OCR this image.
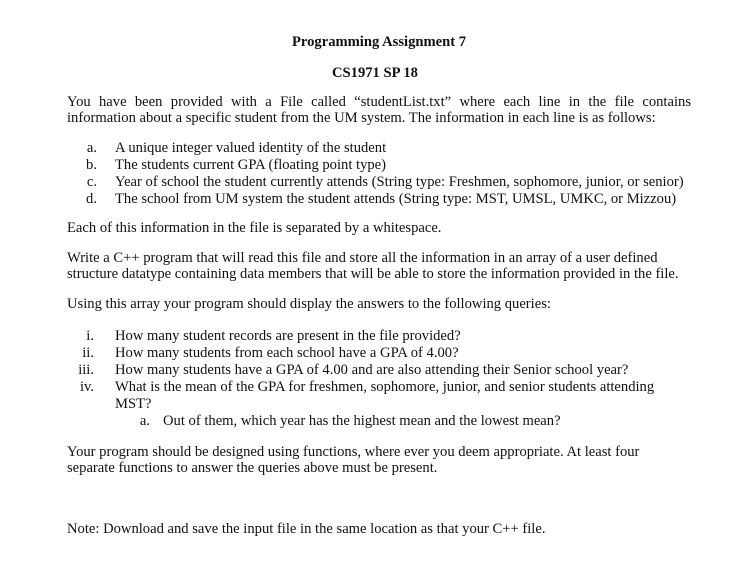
Programming Assignment 7
CS1971 SP 18
You have been provided with a File called “studentList.txt” where each line in the file contains
information about a specific student from the UM system. The information in each line is as follows:
a. A unique integer valued identity of the student
b. The students current GPA (floating point type)
c. Year of school the student currently attends (String type: Freshmen, sophomore, junior, or senior)
d. The school from UM system the student attends (String type: MST, UMSL, UMKC, or Mizzou)
Each of this information in the file is separated by a whitespace.
Write a C++ program that will read this file and store all the information in an array of a user defined
structure datatype containing data members that will be able to store the information provided in the file.
Using this array your program should display the answers to the following queries:
i. How many student records are present in the file provided?
ii. How many students from each school have a GPA of 4.00?
iii. How many students have a GPA of 4.00 and are also attending their Senior school year?
iv. What is the mean of the GPA for freshmen, sophomore, junior, and senior students attending
MST?
a. Out of them, which year has the highest mean and the lowest mean?
Your program should be designed using functions, where ever you deem appropriate. At least four
separate functions to answer the queries above must be present.
Note: Download and save the input file in the same location as that your C++ file.
